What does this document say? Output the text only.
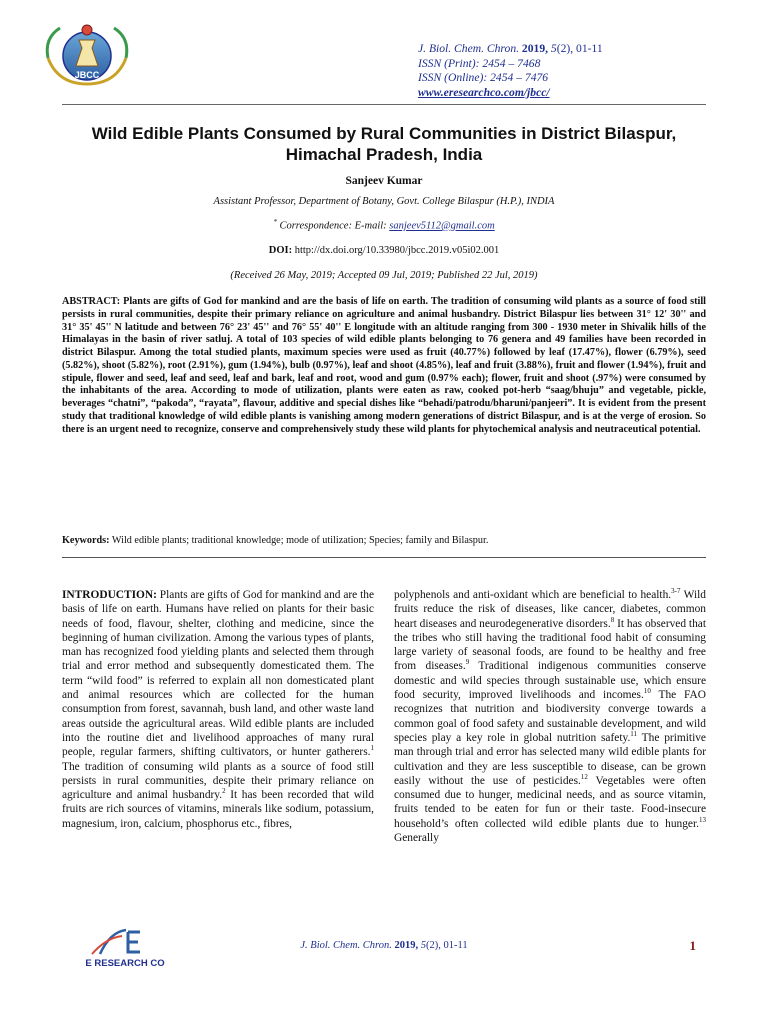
JBCC
J. Biol. Chem. Chron. 2019, 5(2), 01-11
ISSN (Print): 2454 – 7468
ISSN (Online): 2454 – 7476
www.eresearchco.com/jbcc/
Wild Edible Plants Consumed by Rural Communities in District Bilaspur,
Himachal Pradesh, India
Sanjeev Kumar
Assistant Professor, Department of Botany, Govt. College Bilaspur (H.P.), INDIA
* Correspondence: E-mail: sanjeev5112@gmail.com
DOI: http://dx.doi.org/10.33980/jbcc.2019.v05i02.001
(Received 26 May, 2019; Accepted 09 Jul, 2019; Published 22 Jul, 2019)

ABSTRACT: Plants are gifts of God for mankind and are the basis of life on earth. The tradition of consuming wild plants as a source of food still persists in rural communities, despite their primary reliance on agriculture and animal husbandry. District Bilaspur lies between 31° 12' 30'' and 31° 35' 45'' N latitude and between 76° 23' 45'' and 76° 55' 40'' E longitude with an altitude ranging from 300 - 1930 meter in Shivalik hills of the Himalayas in the basin of river satluj. A total of 103 species of wild edible plants belonging to 76 genera and 49 families have been recorded in district Bilaspur. Among the total studied plants, maximum species were used as fruit (40.77%) followed by leaf (17.47%), flower (6.79%), seed (5.82%), shoot (5.82%), root (2.91%), gum (1.94%), bulb (0.97%), leaf and shoot (4.85%), leaf and fruit (3.88%), fruit and flower (1.94%), fruit and stipule, flower and seed, leaf and seed, leaf and bark, leaf and root, wood and gum (0.97% each); flower, fruit and shoot (.97%) were consumed by the inhabitants of the area. According to mode of utilization, plants were eaten as raw, cooked pot-herb “saag/bhuju” and vegetable, pickle, beverages “chatni”, “pakoda”, “rayata”, flavour, additive and special dishes like “behadi/patrodu/bharuni/panjeeri”. It is evident from the present study that traditional knowledge of wild edible plants is vanishing among modern generations of district Bilaspur, and is at the verge of erosion. So there is an urgent need to recognize, conserve and comprehensively study these wild plants for phytochemical analysis and neutraceutical potential.

Keywords: Wild edible plants; traditional knowledge; mode of utilization; Species; family and Bilaspur.
INTRODUCTION: Plants are gifts of God for mankind and are the basis of life on earth. Humans have relied on plants for their basic needs of food, flavour, shelter, clothing and medicine, since the beginning of human civilization. Among the various types of plants, man has recognized food yielding plants and selected them through trial and error method and subsequently domesticated them. The term “wild food” is referred to explain all non domesticated plant and animal resources which are collected for the human consumption from forest, savannah, bush land, and other waste land areas outside the agricultural areas. Wild edible plants are included into the routine diet and livelihood approaches of many rural people, regular farmers, shifting cultivators, or hunter gatherers.$^1$ The tradition of consuming wild plants as a source of food still persists in rural communities, despite their primary reliance on agriculture and animal husbandry.$^2$ It has been recorded that wild fruits are rich sources of vitamins, minerals like sodium, potassium, magnesium, iron, calcium, phosphorus etc., fibres,
polyphenols and anti-oxidant which are beneficial to health.$^{3-7}$ Wild fruits reduce the risk of diseases, like cancer, diabetes, common heart diseases and neurodegenerative disorders.$^8$ It has observed that the tribes who still having the traditional food habit of consuming large variety of seasonal foods, are found to be healthy and free from diseases.$^9$ Traditional indigenous communities conserve domestic and wild species through sustainable use, which ensure food security, improved livelihoods and incomes.$^{10}$ The FAO recognizes that nutrition and biodiversity converge towards a common goal of food safety and sustainable development, and wild species play a key role in global nutrition safety.$^{11}$ The primitive man through trial and error has selected many wild edible plants for cultivation and they are less susceptible to disease, can be grown easily without the use of pesticides.$^{12}$ Vegetables were often consumed due to hunger, medicinal needs, and as source vitamin, fruits tended to be eaten for fun or their taste. Food-insecure household’s often collected wild edible plants due to hunger.$^{13}$ Generally
E RESEARCH CO
J. Biol. Chem. Chron. 2019, 5(2), 01-11	1
